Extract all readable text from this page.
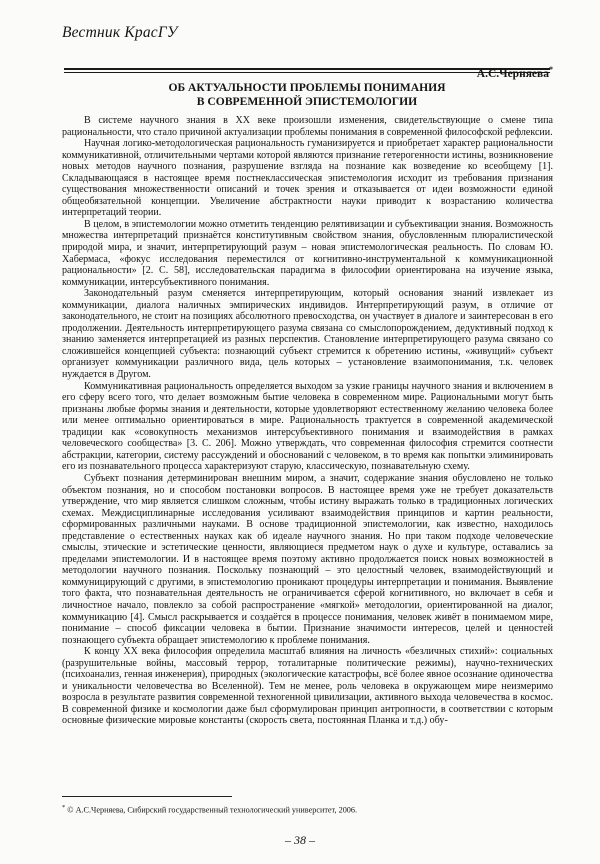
Вестник КрасГУ
А.С.Черняева*
ОБ АКТУАЛЬНОСТИ ПРОБЛЕМЫ ПОНИМАНИЯ
В СОВРЕМЕННОЙ ЭПИСТЕМОЛОГИИ

В системе научного знания в XX веке произошли изменения, свидетельствующие о смене типа рациональности, что стало причиной актуализации проблемы понимания в современной философской рефлексии.

Научная логико-методологическая рациональность гуманизируется и приобретает характер рациональности коммуникативной, отличительными чертами которой являются признание гетерогенности истины, возникновение новых методов научного познания, разрушение взгляда на познание как возведение ко всеобщему [1]. Складывающаяся в настоящее время постнеклассическая эпистемология исходит из требования признания существования множественности описаний и точек зрения и отказывается от идеи возможности единой общеобязательной концепции. Увеличение абстрактности науки приводит к возрастанию количества интерпретаций теории.

В целом, в эпистемологии можно отметить тенденцию релятивизации и субъективации знания. Возможность множества интерпретаций признаётся конститутивным свойством знания, обусловленным плюралистической природой мира, и значит, интерпретирующий разум – новая эпистемологическая реальность. По словам Ю. Хабермаса, «фокус исследования переместился от когнитивно-инструментальной к коммуникационной рациональности» [2. C. 58], исследовательская парадигма в философии ориентирована на изучение языка, коммуникации, интерсубъективного понимания.

Законодательный разум сменяется интерпретирующим, который основания знаний извлекает из коммуникации, диалога наличных эмпирических индивидов. Интерпретирующий разум, в отличие от законодательного, не стоит на позициях абсолютного превосходства, он участвует в диалоге и заинтересован в его продолжении. Деятельность интерпретирующего разума связана со смыслопорождением, дедуктивный подход к знанию заменяется интерпретацией из разных перспектив. Становление интерпретирующего разума связано со сложившейся концепцией субъекта: познающий субъект стремится к обретению истины, «живущий» субъект организует коммуникации различного вида, цель которых – установление взаимопонимания, т.к. человек нуждается в Другом.

Коммуникативная рациональность определяется выходом за узкие границы научного знания и включением в его сферу всего того, что делает возможным бытие человека в современном мире. Рациональными могут быть признаны любые формы знания и деятельности, которые удовлетворяют естественному желанию человека более или менее оптимально ориентироваться в мире. Рациональность трактуется в современной академической традиции как «совокупность механизмов интерсубъективного понимания и взаимодействия в рамках человеческого сообщества» [3. C. 206]. Можно утверждать, что современная философия стремится соотнести абстракции, категории, систему рассуждений и обоснований с человеком, в то время как попытки элиминировать его из познавательного процесса характеризуют старую, классическую, познавательную схему.

Субъект познания детерминирован внешним миром, а значит, содержание знания обусловлено не только объектом познания, но и способом постановки вопросов. В настоящее время уже не требует доказательств утверждение, что мир является слишком сложным, чтобы истину выражать только в традиционных логических схемах. Междисциплинарные исследования усиливают взаимодействия принципов и картин реальности, сформированных различными науками. В основе традиционной эпистемологии, как известно, находилось представление о естественных науках как об идеале научного знания. Но при таком подходе человеческие смыслы, этические и эстетические ценности, являющиеся предметом наук о духе и культуре, оставались за пределами эпистемологии. И в настоящее время поэтому активно продолжается поиск новых возможностей в методологии научного познания. Поскольку познающий – это целостный человек, взаимодействующий и коммуницирующий с другими, в эпистемологию проникают процедуры интерпретации и понимания. Выявление того факта, что познавательная деятельность не ограничивается сферой когнитивного, но включает в себя и личностное начало, повлекло за собой распространение «мягкой» методологии, ориентированной на диалог, коммуникацию [4]. Смысл раскрывается и создаётся в процессе понимания, человек живёт в понимаемом мире, понимание – способ фиксации человека в бытии. Признание значимости интересов, целей и ценностей познающего субъекта обращает эпистемологию к проблеме понимания.

К концу XX века философия определила масштаб влияния на личность «безличных стихий»: социальных (разрушительные войны, массовый террор, тоталитарные политические режимы), научно-технических (психоанализ, генная инженерия), природных (экологические катастрофы, всё более явное осознание одиночества и уникальности человечества во Вселенной). Тем не менее, роль человека в окружающем мире неизмеримо возросла в результате развития современной техногенной цивилизации, активного выхода человечества в космос. В современной физике и космологии даже был сформулирован принцип антропности, в соответствии с которым основные физические мировые константы (скорость света, постоянная Планка и т.д.) обу-

* © А.С.Черняева, Сибирский государственный технологический университет, 2006.
– 38 –
